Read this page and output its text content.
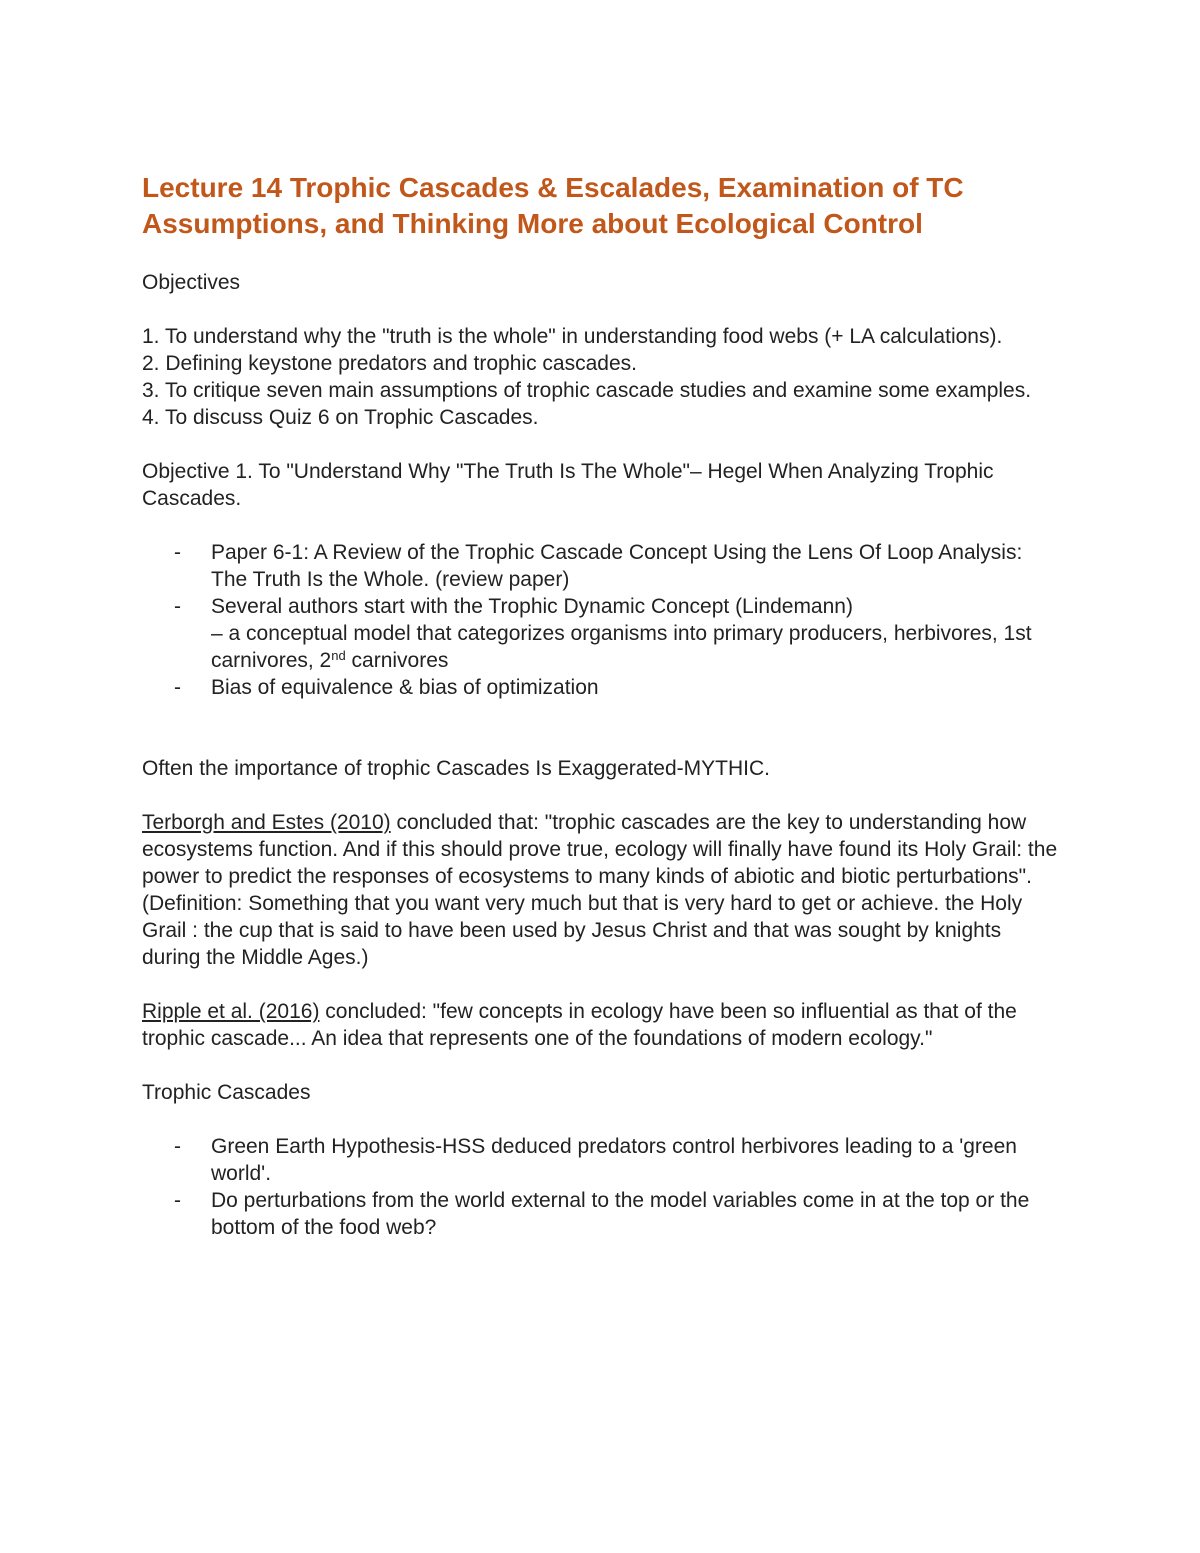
Lecture 14 Trophic Cascades & Escalades, Examination of TC Assumptions, and Thinking More about Ecological Control

Objectives

1. To understand why the "truth is the whole" in understanding food webs (+ LA calculations).

2. Defining keystone predators and trophic cascades.

3. To critique seven main assumptions of trophic cascade studies and examine some examples.

4. To discuss Quiz 6 on Trophic Cascades.

Objective 1. To "Understand Why "The Truth Is The Whole"– Hegel When Analyzing Trophic Cascades.

- Paper 6-1: A Review of the Trophic Cascade Concept Using the Lens Of Loop Analysis: The Truth Is the Whole. (review paper)
- Several authors start with the Trophic Dynamic Concept (Lindemann)
– a conceptual model that categorizes organisms into primary producers, herbivores, 1st carnivores, 2nd carnivores
- Bias of equivalence & bias of optimization

Often the importance of trophic Cascades Is Exaggerated-MYTHIC.

Terborgh and Estes (2010) concluded that: "trophic cascades are the key to understanding how ecosystems function. And if this should prove true, ecology will finally have found its Holy Grail: the power to predict the responses of ecosystems to many kinds of abiotic and biotic perturbations". (Definition: Something that you want very much but that is very hard to get or achieve. the Holy Grail : the cup that is said to have been used by Jesus Christ and that was sought by knights during the Middle Ages.)

Ripple et al. (2016) concluded: "few concepts in ecology have been so influential as that of the trophic cascade... An idea that represents one of the foundations of modern ecology."

Trophic Cascades

- Green Earth Hypothesis-HSS deduced predators control herbivores leading to a 'green world'.
- Do perturbations from the world external to the model variables come in at the top or the bottom of the food web?
